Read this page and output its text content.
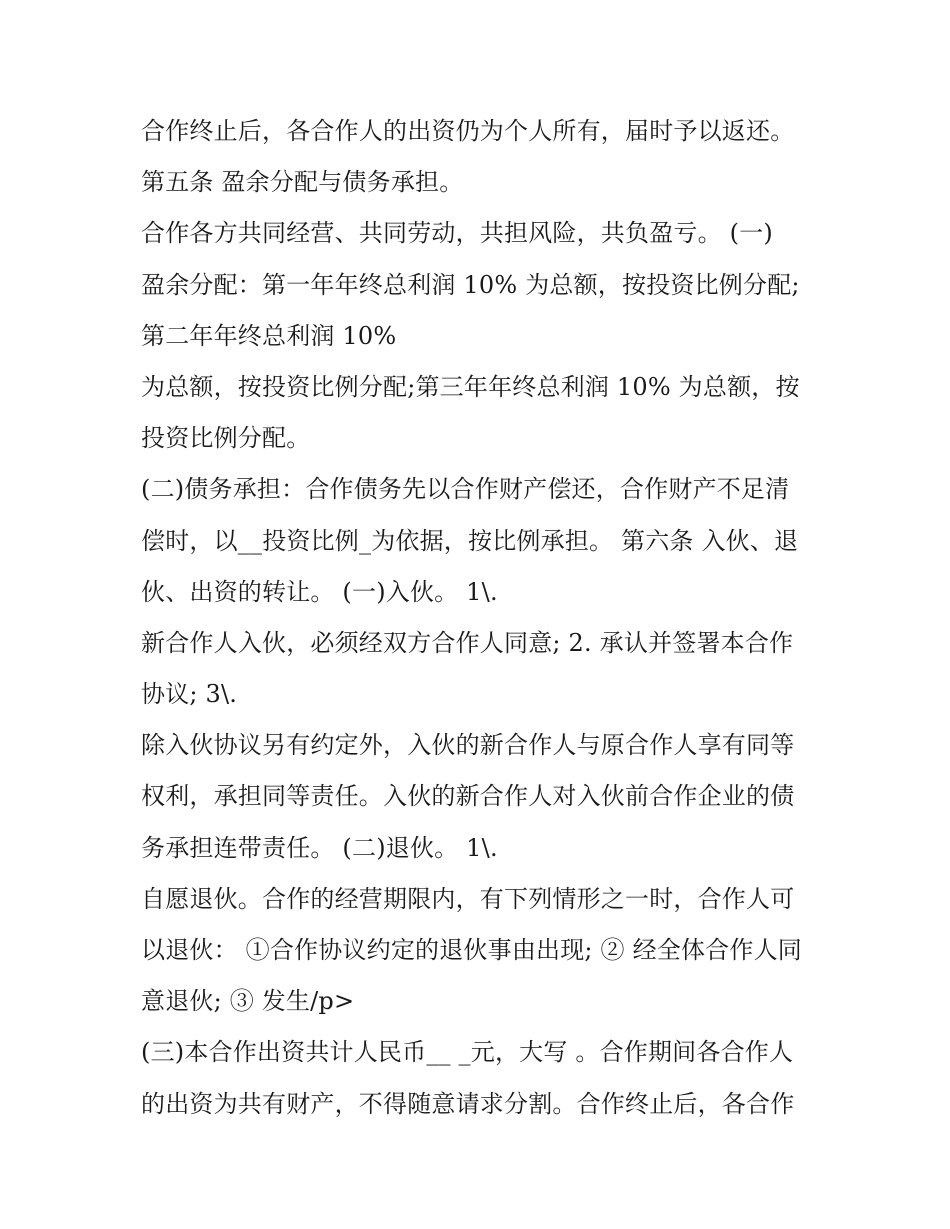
合作终止后，各合作人的出资仍为个人所有，届时予以返还。
第五条 盈余分配与债务承担。
合作各方共同经营、共同劳动，共担风险，共负盈亏。 (一)
盈余分配：第一年年终总利润 10% 为总额，按投资比例分配;
第二年年终总利润 10%
为总额，按投资比例分配;第三年年终总利润 10% 为总额，按
投资比例分配。
(二)债务承担：合作债务先以合作财产偿还，合作财产不足清
偿时，以__投资比例_为依据，按比例承担。 第六条 入伙、退
伙、出资的转让。 (一)入伙。 1\.
新合作人入伙，必须经双方合作人同意; 2. 承认并签署本合作
协议; 3\.
除入伙协议另有约定外，入伙的新合作人与原合作人享有同等
权利，承担同等责任。入伙的新合作人对入伙前合作企业的债
务承担连带责任。 (二)退伙。 1\.
自愿退伙。合作的经营期限内，有下列情形之一时，合作人可
以退伙： ①合作协议约定的退伙事由出现; ② 经全体合作人同
意退伙; ③ 发生/p>
(三)本合作出资共计人民币__ _元，大写 。合作期间各合作人
的出资为共有财产，不得随意请求分割。合作终止后，各合作
